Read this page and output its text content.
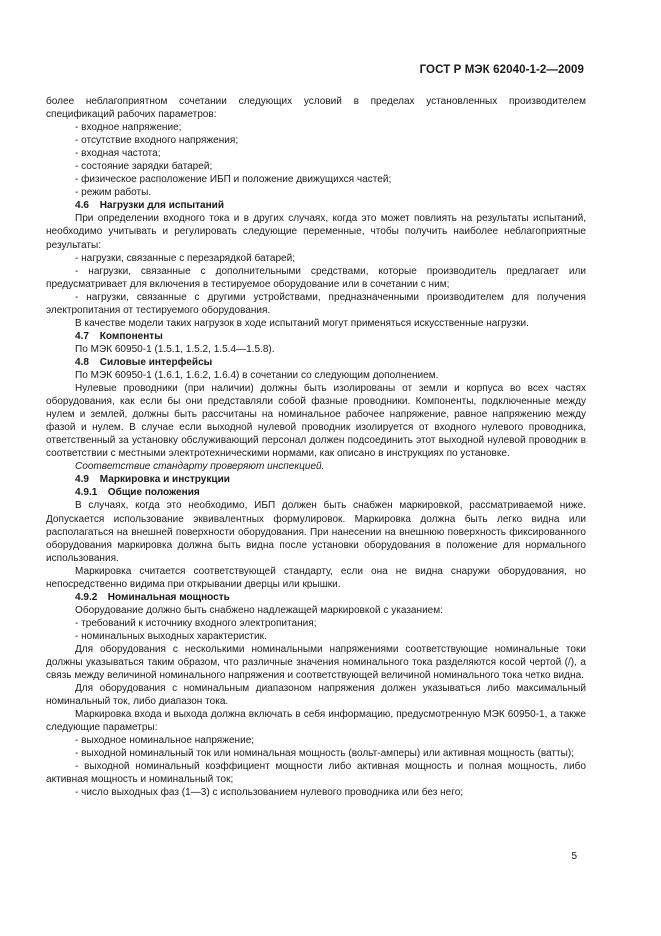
ГОСТ Р МЭК 62040-1-2—2009

более неблагоприятном сочетании следующих условий в пределах установленных производителем спецификаций рабочих параметров:

- входное напряжение;

- отсутствие входного напряжения;

- входная частота;

- состояние зарядки батарей;

- физическое расположение ИБП и положение движущихся частей;

- режим работы.

4.6 Нагрузки для испытаний

При определении входного тока и в других случаях, когда это может повлиять на результаты испытаний, необходимо учитывать и регулировать следующие переменные, чтобы получить наиболее неблагоприятные результаты:

- нагрузки, связанные с перезарядкой батарей;

- нагрузки, связанные с дополнительными средствами, которые производитель предлагает или предусматривает для включения в тестируемое оборудование или в сочетании с ним;

- нагрузки, связанные с другими устройствами, предназначенными производителем для получения электропитания от тестируемого оборудования.

В качестве модели таких нагрузок в ходе испытаний могут применяться искусственные нагрузки.

4.7 Компоненты

По МЭК 60950-1 (1.5.1, 1.5.2, 1.5.4—1.5.8).

4.8 Силовые интерфейсы

По МЭК 60950-1 (1.6.1, 1.6.2, 1.6.4) в сочетании со следующим дополнением.

Нулевые проводники (при наличии) должны быть изолированы от земли и корпуса во всех частях оборудования, как если бы они представляли собой фазные проводники. Компоненты, подключенные между нулем и землей, должны быть рассчитаны на номинальное рабочее напряжение, равное напряжению между фазой и нулем. В случае если выходной нулевой проводник изолируется от входного нулевого проводника, ответственный за установку обслуживающий персонал должен подсоединить этот выходной нулевой проводник в соответствии с местными электротехническими нормами, как описано в инструкциях по установке.

Соответствие стандарту проверяют инспекцией.

4.9 Маркировка и инструкции

4.9.1 Общие положения

В случаях, когда это необходимо, ИБП должен быть снабжен маркировкой, рассматриваемой ниже. Допускается использование эквивалентных формулировок. Маркировка должна быть легко видна или располагаться на внешней поверхности оборудования. При нанесении на внешнюю поверхность фиксированного оборудования маркировка должна быть видна после установки оборудования в положение для нормального использования.

Маркировка считается соответствующей стандарту, если она не видна снаружи оборудования, но непосредственно видима при открывании дверцы или крышки.

4.9.2 Номинальная мощность

Оборудование должно быть снабжено надлежащей маркировкой с указанием:

- требований к источнику входного электропитания;

- номинальных выходных характеристик.

Для оборудования с несколькими номинальными напряжениями соответствующие номинальные токи должны указываться таким образом, что различные значения номинального тока разделяются косой чертой (/), а связь между величиной номинального напряжения и соответствующей величиной номинального тока четко видна.

Для оборудования с номинальным диапазоном напряжения должен указываться либо максимальный номинальный ток, либо диапазон тока.

Маркировка входа и выхода должна включать в себя информацию, предусмотренную МЭК 60950-1, а также следующие параметры:

- выходное номинальное напряжение;

- выходной номинальный ток или номинальная мощность (вольт-амперы) или активная мощность (ватты);

- выходной номинальный коэффициент мощности либо активная мощность и полная мощность, либо активная мощность и номинальный ток;

- число выходных фаз (1—3) с использованием нулевого проводника или без него;

5
